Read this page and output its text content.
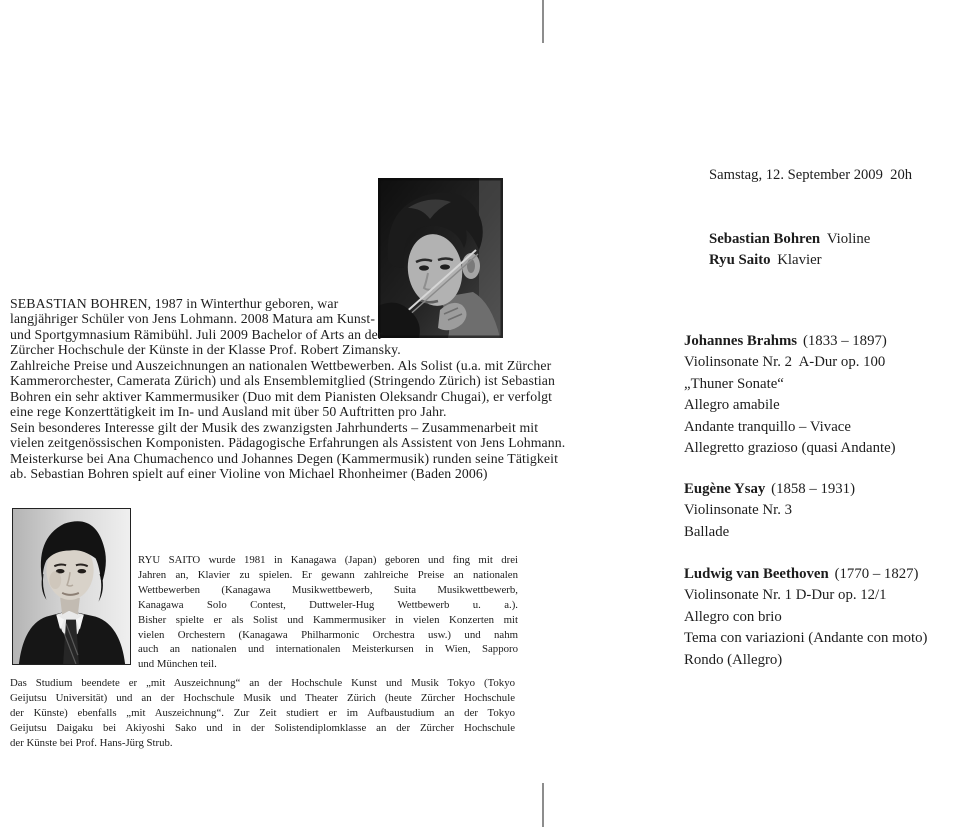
SEBASTIAN BOHREN, 1987 in Winterthur geboren, war
langjähriger Schüler von Jens Lohmann. 2008 Matura am Kunst-
und Sportgymnasium Rämibühl. Juli 2009 Bachelor of Arts an der
Zürcher Hochschule der Künste in der Klasse Prof. Robert Zimansky.
Zahlreiche Preise und Auszeichnungen an nationalen Wettbewerben. Als Solist (u.a. mit Zürcher
Kammerorchester, Camerata Zürich) und als Ensemblemitglied (Stringendo Zürich) ist Sebastian
Bohren ein sehr aktiver Kammermusiker (Duo mit dem Pianisten Oleksandr Chugai), er verfolgt
eine rege Konzerttätigkeit im In- und Ausland mit über 50 Auftritten pro Jahr.
Sein besonderes Interesse gilt der Musik des zwanzigsten Jahrhunderts – Zusammenarbeit mit
vielen zeitgenössischen Komponisten. Pädagogische Erfahrungen als Assistent von Jens Lohmann.
Meisterkurse bei Ana Chumachenco und Johannes Degen (Kammermusik) runden seine Tätigkeit
ab. Sebastian Bohren spielt auf einer Violine von Michael Rhonheimer (Baden 2006)
RYU SAITO wurde 1981 in Kanagawa (Japan) geboren und fing mit drei
Jahren an, Klavier zu spielen. Er gewann zahlreiche Preise an nationalen
Wettbewerben (Kanagawa Musikwettbewerb, Suita Musikwettbewerb,
Kanagawa Solo Contest, Duttweler-Hug Wettbewerb u. a.).
Bisher spielte er als Solist und Kammermusiker in vielen Konzerten mit
vielen Orchestern (Kanagawa Philharmonic Orchestra usw.) und nahm
auch an nationalen und internationalen Meisterkursen in Wien, Sapporo
und München teil.
Das Studium beendete er „mit Auszeichnung“ an der Hochschule Kunst und Musik Tokyo (Tokyo
Geijutsu Universität) und an der Hochschule Musik und Theater Zürich (heute Zürcher Hochschule
der Künste) ebenfalls „mit Auszeichnung“. Zur Zeit studiert er im Aufbaustudium an der Tokyo
Geijutsu Daigaku bei Akiyoshi Sako und in der Solistendiplomklasse an der Zürcher Hochschule
der Künste bei Prof. Hans-Jürg Strub.
Samstag, 12. September 2009  20h
Sebastian Bohren Violine
Ryu Saito Klavier
Johannes Brahms (1833 – 1897)
Violinsonate Nr. 2  A-Dur op. 100
„Thuner Sonate“
Allegro amabile
Andante tranquillo – Vivace
Allegretto grazioso (quasi Andante)
Eugène Ysay (1858 – 1931)
Violinsonate Nr. 3
Ballade
Ludwig van Beethoven (1770 – 1827)
Violinsonate Nr. 1 D-Dur op. 12/1
Allegro con brio
Tema con variazioni (Andante con moto)
Rondo (Allegro)
